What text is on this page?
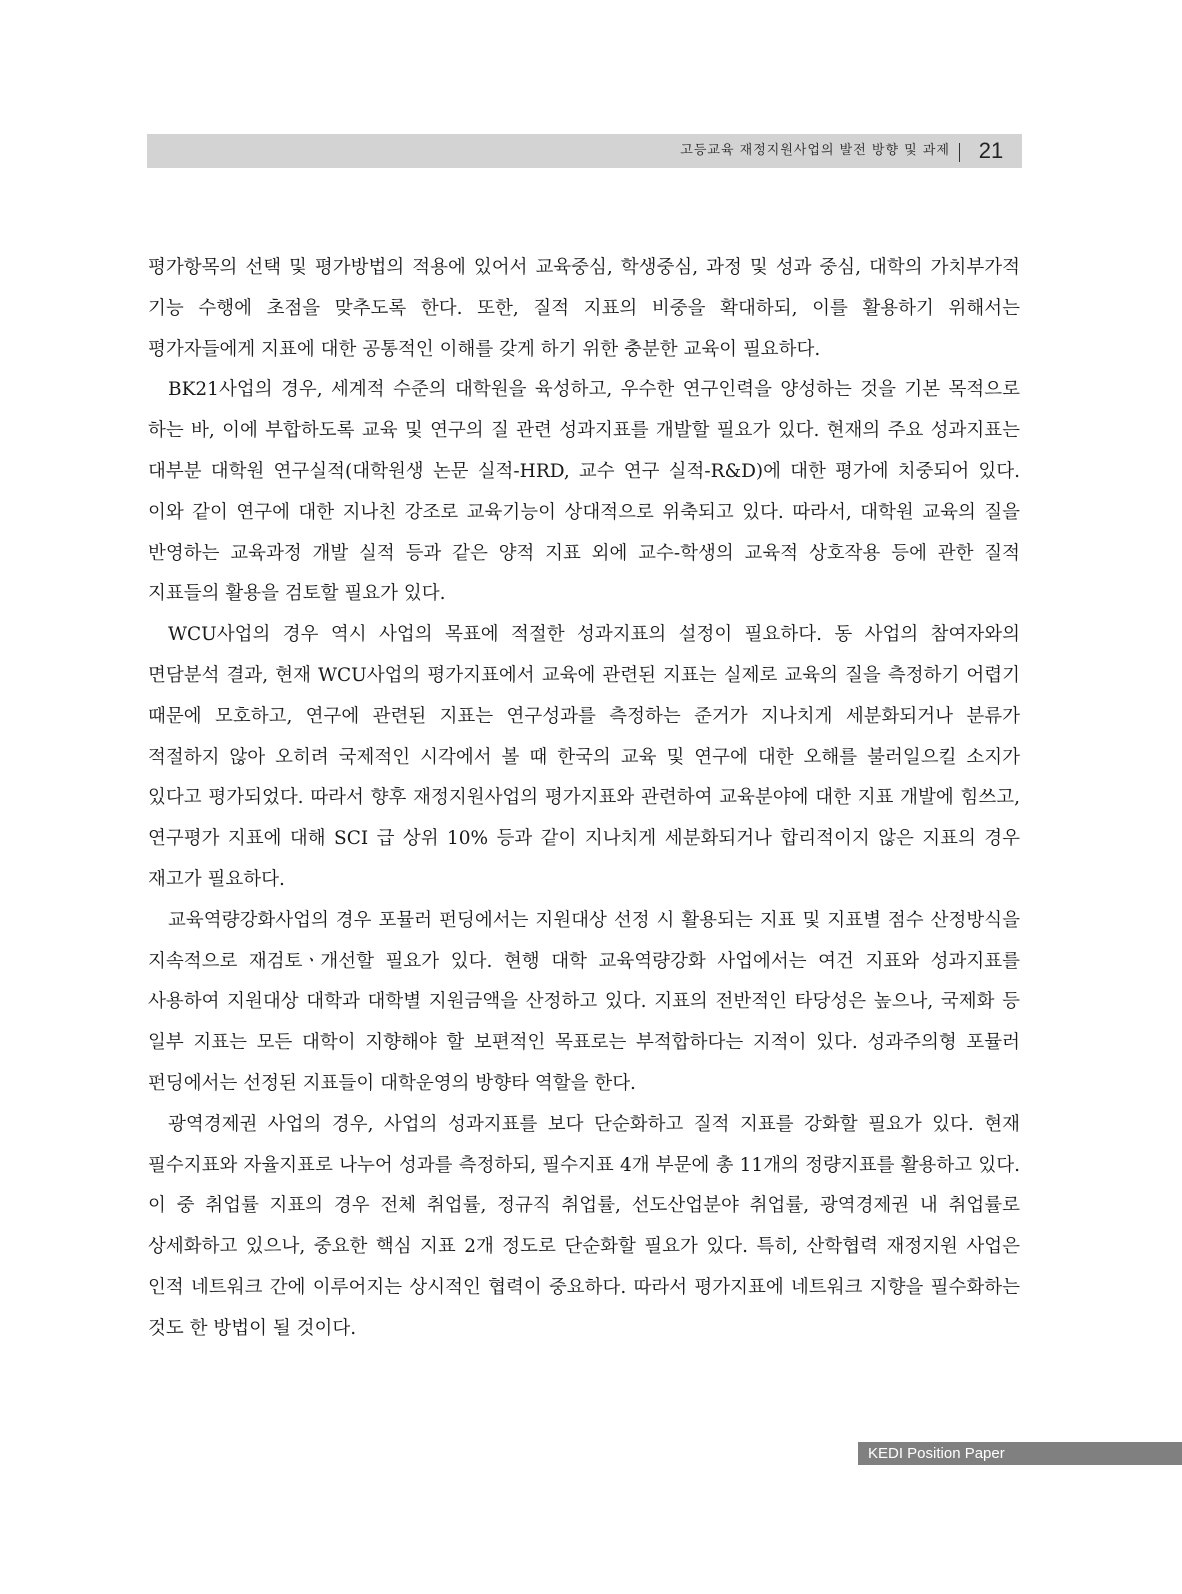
고등교육 재정지원사업의 발전 방향 및 과제	21

평가항목의 선택 및 평가방법의 적용에 있어서 교육중심, 학생중심, 과정 및 성과 중심, 대학의 가치부가적 기능 수행에 초점을 맞추도록 한다. 또한, 질적 지표의 비중을 확대하되, 이를 활용하기 위해서는 평가자들에게 지표에 대한 공통적인 이해를 갖게 하기 위한 충분한 교육이 필요하다.

BK21사업의 경우, 세계적 수준의 대학원을 육성하고, 우수한 연구인력을 양성하는 것을 기본 목적으로 하는 바, 이에 부합하도록 교육 및 연구의 질 관련 성과지표를 개발할 필요가 있다. 현재의 주요 성과지표는 대부분 대학원 연구실적(대학원생 논문 실적-HRD, 교수 연구 실적-R&D)에 대한 평가에 치중되어 있다. 이와 같이 연구에 대한 지나친 강조로 교육기능이 상대적으로 위축되고 있다. 따라서, 대학원 교육의 질을 반영하는 교육과정 개발 실적 등과 같은 양적 지표 외에 교수-학생의 교육적 상호작용 등에 관한 질적 지표들의 활용을 검토할 필요가 있다.

WCU사업의 경우 역시 사업의 목표에 적절한 성과지표의 설정이 필요하다. 동 사업의 참여자와의 면담분석 결과, 현재 WCU사업의 평가지표에서 교육에 관련된 지표는 실제로 교육의 질을 측정하기 어렵기 때문에 모호하고, 연구에 관련된 지표는 연구성과를 측정하는 준거가 지나치게 세분화되거나 분류가 적절하지 않아 오히려 국제적인 시각에서 볼 때 한국의 교육 및 연구에 대한 오해를 불러일으킬 소지가 있다고 평가되었다. 따라서 향후 재정지원사업의 평가지표와 관련하여 교육분야에 대한 지표 개발에 힘쓰고, 연구평가 지표에 대해 SCI 급 상위 10% 등과 같이 지나치게 세분화되거나 합리적이지 않은 지표의 경우 재고가 필요하다.

교육역량강화사업의 경우 포뮬러 펀딩에서는 지원대상 선정 시 활용되는 지표 및 지표별 점수 산정방식을 지속적으로 재검토ㆍ개선할 필요가 있다. 현행 대학 교육역량강화 사업에서는 여건 지표와 성과지표를 사용하여 지원대상 대학과 대학별 지원금액을 산정하고 있다. 지표의 전반적인 타당성은 높으나, 국제화 등 일부 지표는 모든 대학이 지향해야 할 보편적인 목표로는 부적합하다는 지적이 있다. 성과주의형 포뮬러 펀딩에서는 선정된 지표들이 대학운영의 방향타 역할을 한다.

광역경제권 사업의 경우, 사업의 성과지표를 보다 단순화하고 질적 지표를 강화할 필요가 있다. 현재 필수지표와 자율지표로 나누어 성과를 측정하되, 필수지표 4개 부문에 총 11개의 정량지표를 활용하고 있다. 이 중 취업률 지표의 경우 전체 취업률, 정규직 취업률, 선도산업분야 취업률, 광역경제권 내 취업률로 상세화하고 있으나, 중요한 핵심 지표 2개 정도로 단순화할 필요가 있다. 특히, 산학협력 재정지원 사업은 인적 네트워크 간에 이루어지는 상시적인 협력이 중요하다. 따라서 평가지표에 네트워크 지향을 필수화하는 것도 한 방법이 될 것이다.

KEDI Position Paper
